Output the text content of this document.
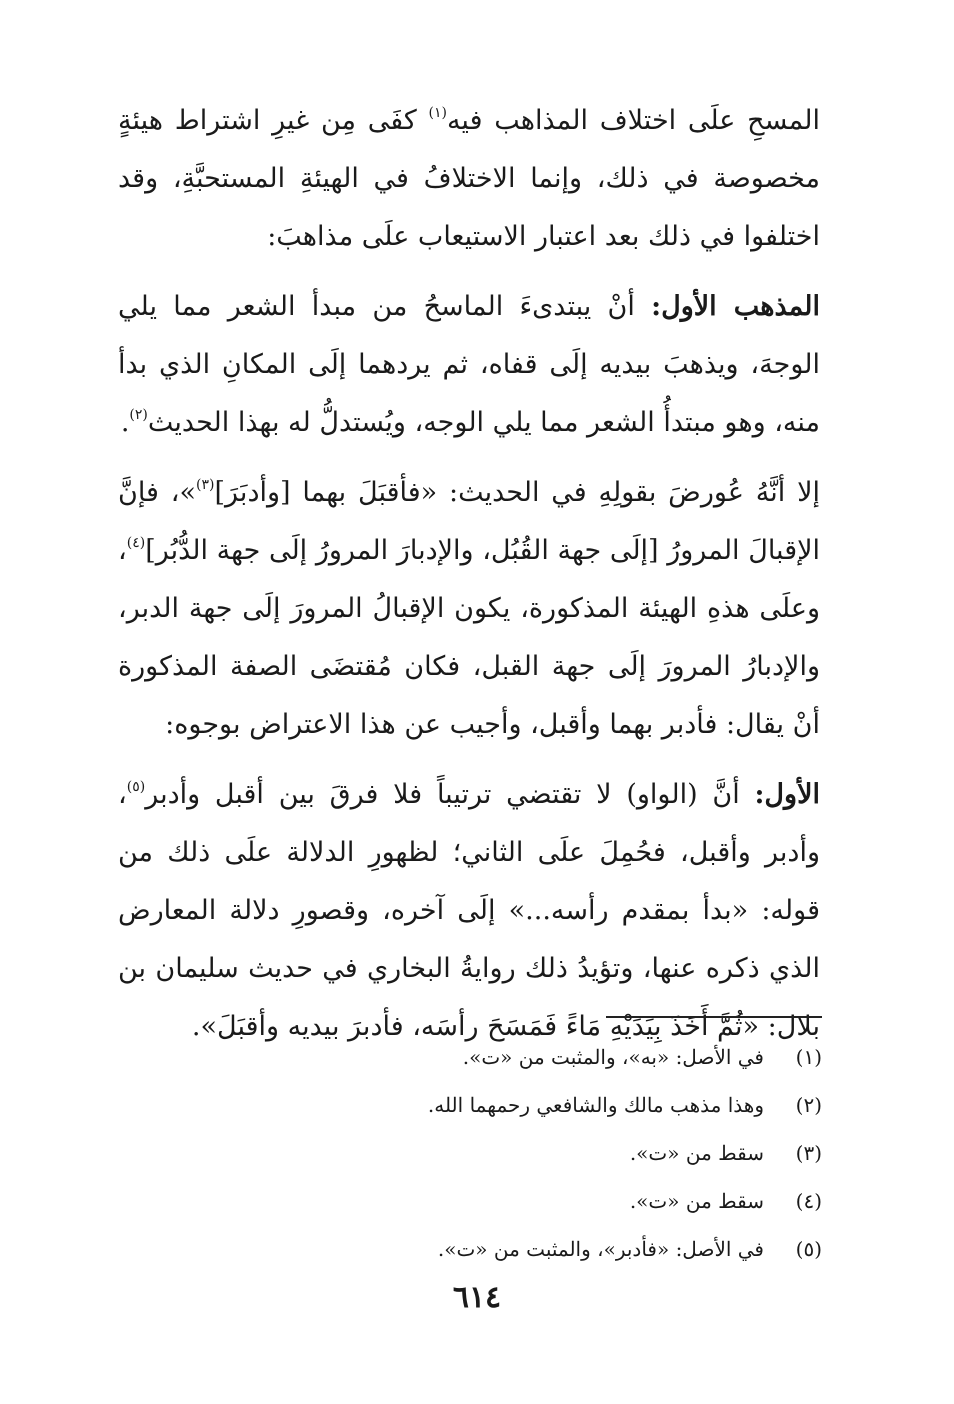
المسحِ علَى اختلاف المذاهب فيه$^{(١)}$ كفَى مِن غيرِ اشتراط هيئةٍ مخصوصة في ذلك، وإنما الاختلافُ في الهيئةِ المستحبَّةِ، وقد اختلفوا في ذلك بعد اعتبار الاستيعاب علَى مذاهبَ:

المذهب الأول: أنْ يبتدىءَ الماسحُ من مبدأ الشعر مما يلي الوجهَ، ويذهبَ بيديه إلَى قفاه، ثم يردهما إلَى المكانِ الذي بدأ منه، وهو مبتدأُ الشعر مما يلي الوجه، ويُستدلُّ له بهذا الحديث$^{(٢)}$.

إلا أنَّهُ عُورضَ بقولِهِ في الحديث: «فأقبَلَ بهما [وأدبَرَ]$^{(٣)}$»، فإنَّ الإقبالَ المرورُ [إلَى جهة القُبُل، والإدبارَ المرورُ إلَى جهة الدُّبُر]$^{(٤)}$، وعلَى هذهِ الهيئة المذكورة، يكون الإقبالُ المرورَ إلَى جهة الدبر، والإدبارُ المرورَ إلَى جهة القبل، فكان مُقتضَى الصفة المذكورة أنْ يقال: فأدبر بهما وأقبل، وأجيب عن هذا الاعتراض بوجوه:

الأول: أنَّ (الواو) لا تقتضي ترتيباً فلا فرقَ بين أقبل وأدبر$^{(٥)}$، وأدبر وأقبل، فحُمِلَ علَى الثاني؛ لظهورِ الدلالة علَى ذلك من قوله: «بدأ بمقدم رأسه...» إلَى آخره، وقصورِ دلالة المعارض الذي ذكره عنها، وتؤيدُ ذلك روايةُ البخاري في حديث سليمان بن بلال: «ثُمَّ أَخَذَ بِيَدَيْهِ مَاءً فَمَسَحَ رأسَه، فأدبرَ بيديه وأقبَلَ».

(١)في الأصل: «به»، والمثبت من «ت».
(٢)وهذا مذهب مالك والشافعي رحمهما الله.
(٣)سقط من «ت».
(٤)سقط من «ت».
(٥)في الأصل: «فأدبر»، والمثبت من «ت».
٦١٤
